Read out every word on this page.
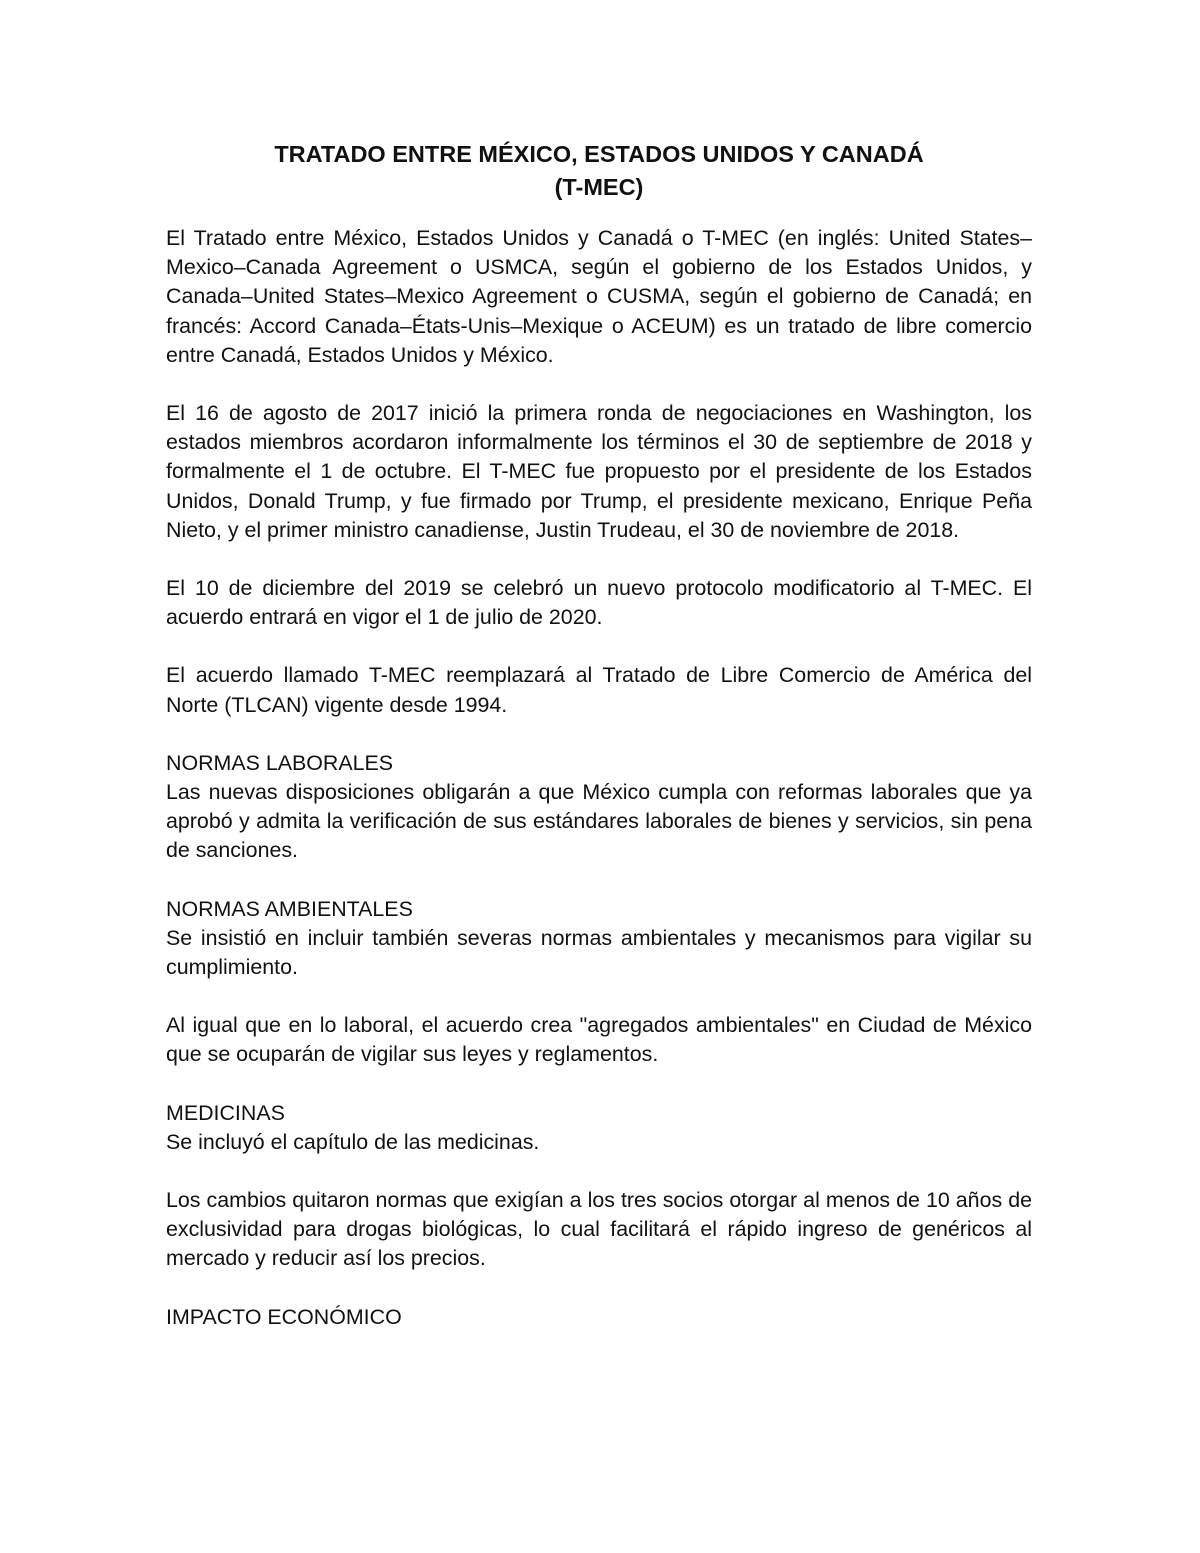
TRATADO ENTRE MÉXICO, ESTADOS UNIDOS Y CANADÁ
(T-MEC)

El Tratado entre México, Estados Unidos y Canadá o T-MEC (en inglés: United States–Mexico–Canada Agreement o USMCA, según el gobierno de los Estados Unidos, y Canada–United States–Mexico Agreement o CUSMA, según el gobierno de Canadá; en francés: Accord Canada–États-Unis–Mexique o ACEUM) es un tratado de libre comercio entre Canadá, Estados Unidos y México.

El 16 de agosto de 2017 inició la primera ronda de negociaciones en Washington, los estados miembros acordaron informalmente los términos el 30 de septiembre de 2018 y formalmente el 1 de octubre. El T-MEC fue propuesto por el presidente de los Estados Unidos, Donald Trump, y fue firmado por Trump, el presidente mexicano, Enrique Peña Nieto, y el primer ministro canadiense, Justin Trudeau, el 30 de noviembre de 2018.

El 10 de diciembre del 2019 se celebró un nuevo protocolo modificatorio al T-MEC. El acuerdo entrará en vigor el 1 de julio de 2020.

El acuerdo llamado T-MEC reemplazará al Tratado de Libre Comercio de América del Norte (TLCAN) vigente desde 1994.

NORMAS LABORALES

Las nuevas disposiciones obligarán a que México cumpla con reformas laborales que ya aprobó y admita la verificación de sus estándares laborales de bienes y servicios, sin pena de sanciones.

NORMAS AMBIENTALES

Se insistió en incluir también severas normas ambientales y mecanismos para vigilar su cumplimiento.

Al igual que en lo laboral, el acuerdo crea "agregados ambientales" en Ciudad de México que se ocuparán de vigilar sus leyes y reglamentos.

MEDICINAS

Se incluyó el capítulo de las medicinas.

Los cambios quitaron normas que exigían a los tres socios otorgar al menos de 10 años de exclusividad para drogas biológicas, lo cual facilitará el rápido ingreso de genéricos al mercado y reducir así los precios.

IMPACTO ECONÓMICO
